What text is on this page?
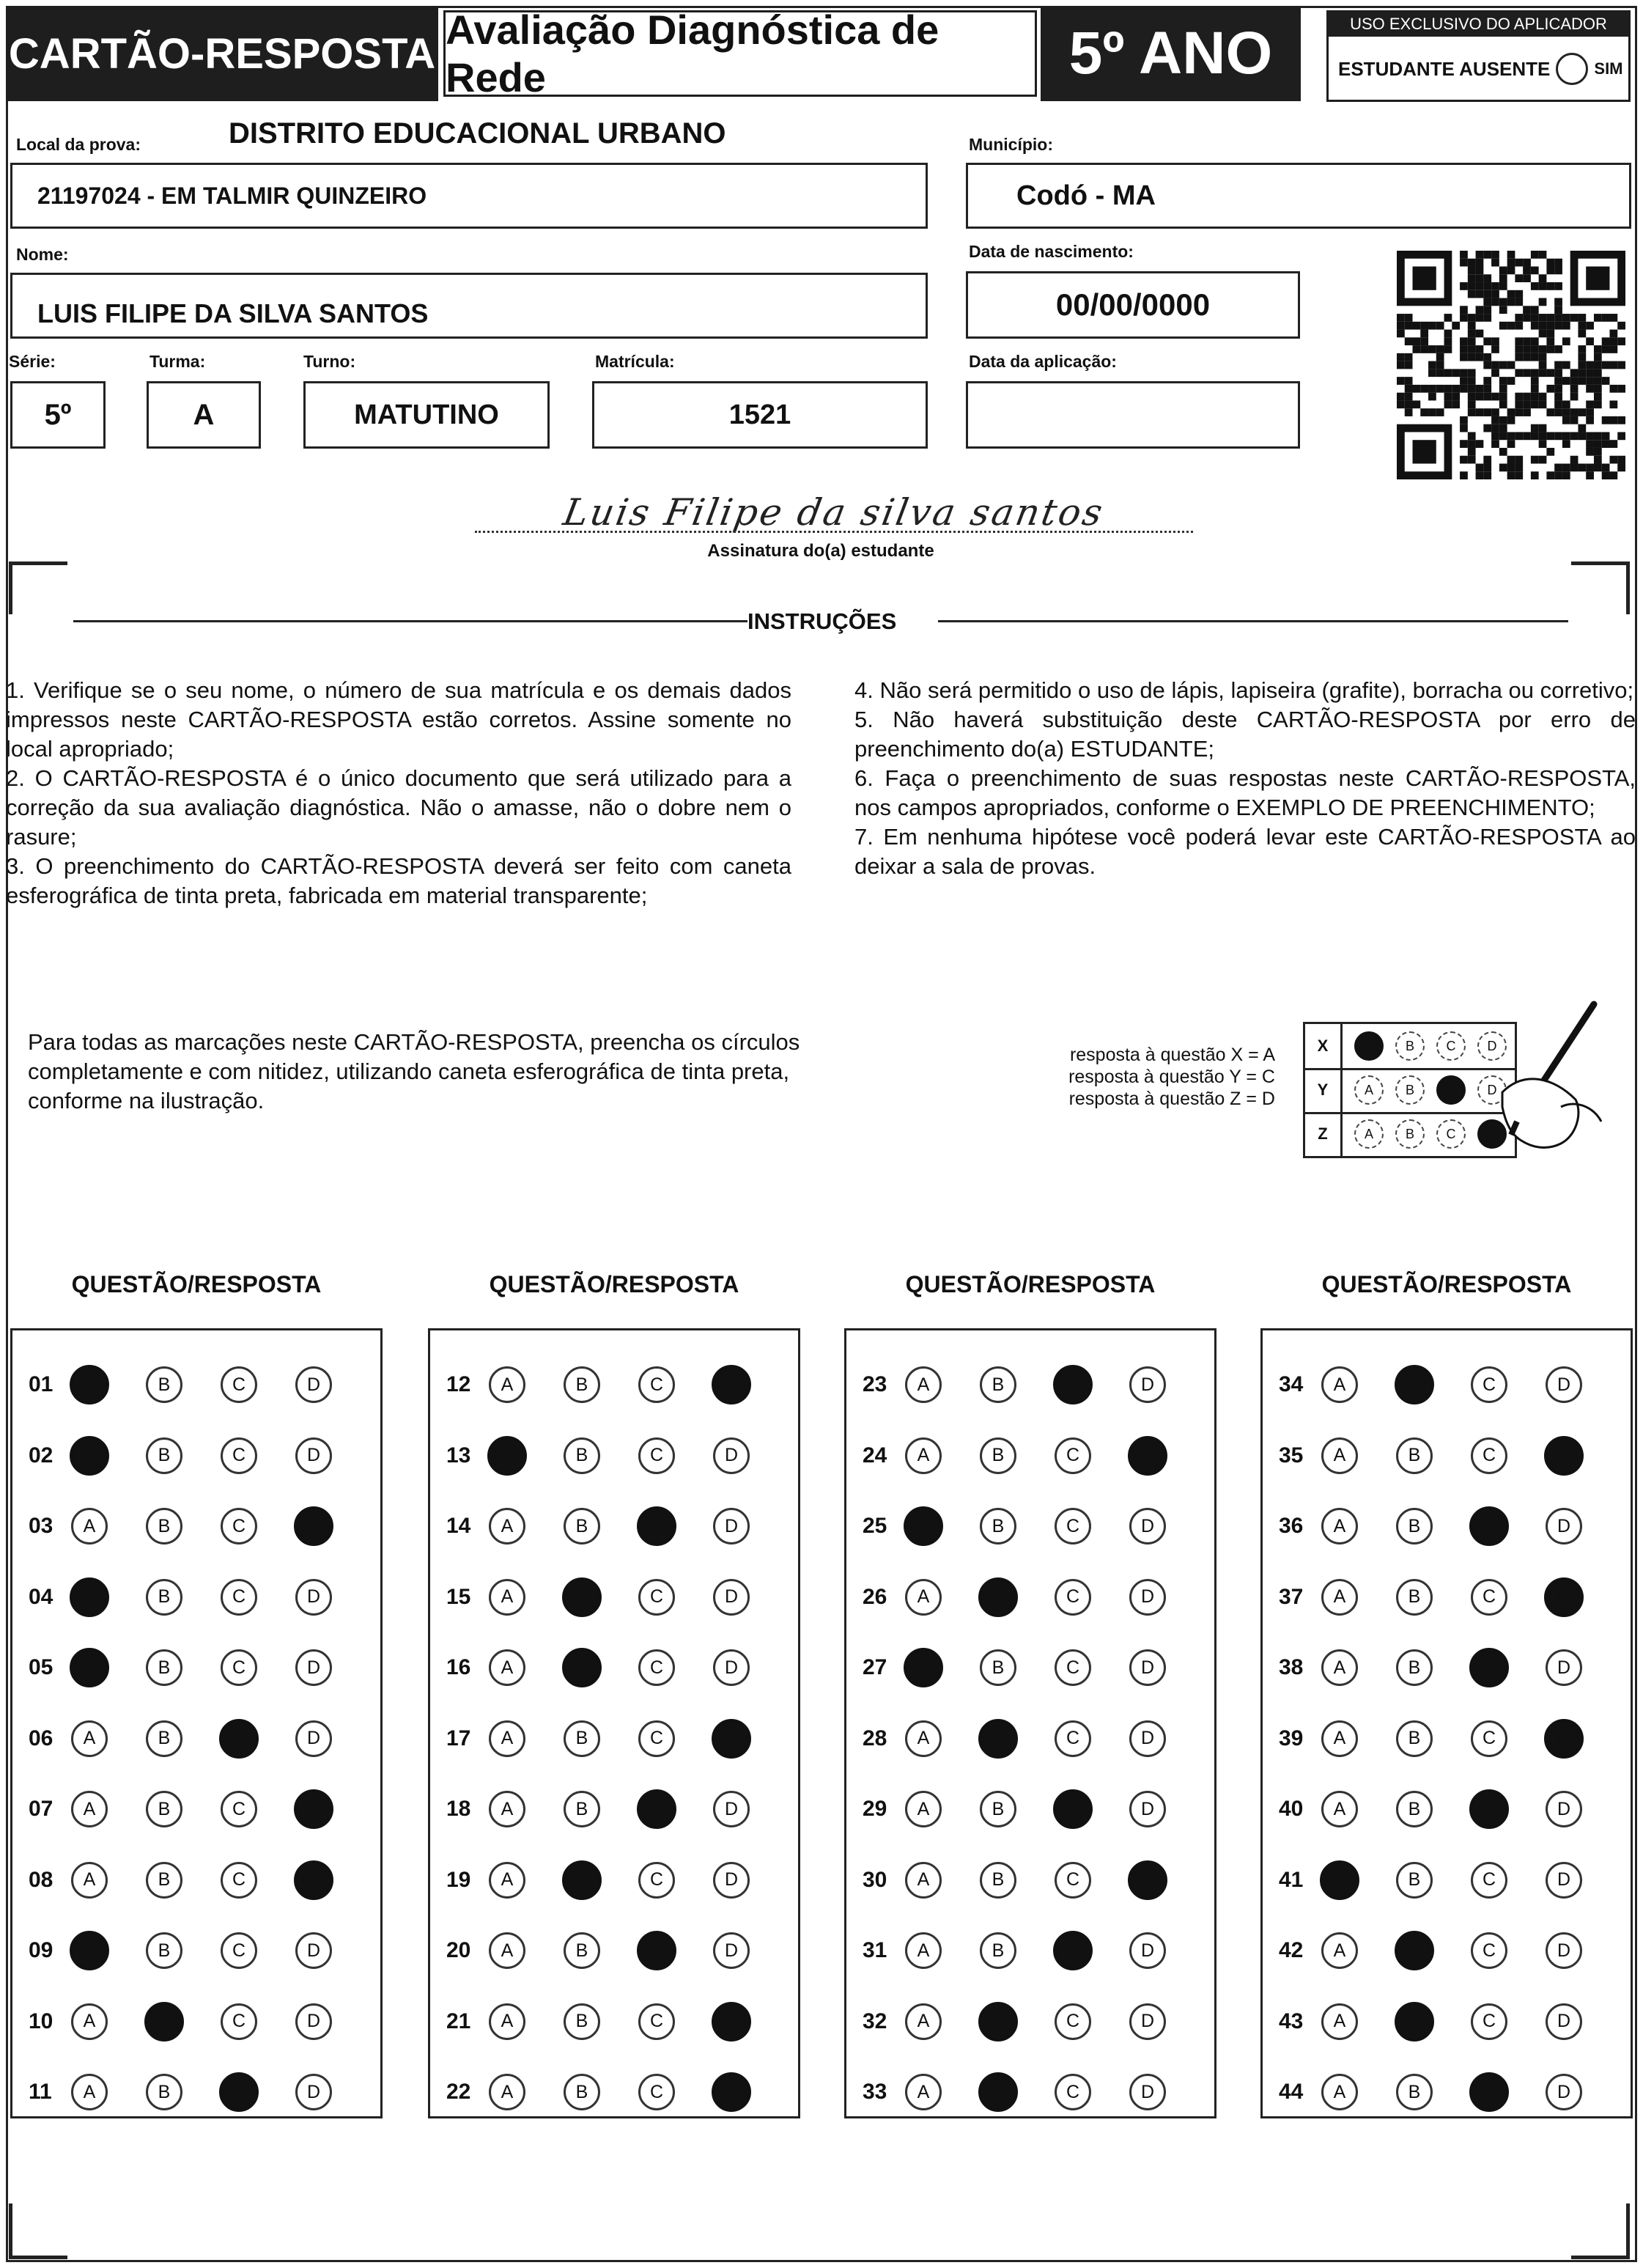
CARTÃO-RESPOSTA Avaliação Diagnóstica de Rede	5º ANO	USO EXCLUSIVO DO APLICADOR
ESTUDANTE AUSENTE	SIM
Local da prova:	DISTRITO EDUCACIONAL URBANO
21197024 - EM TALMIR QUINZEIRO
Município:
Codó - MA
Nome:
LUIS FILIPE DA SILVA SANTOS
Data de nascimento:
00/00/0000
Série:
5º
Turma:
A
Turno:
MATUTINO
Matrícula:
1521
Data da aplicação:
Luis Filipe da silva santos
Assinatura do(a) estudante
INSTRUÇÕES

1. Verifique se o seu nome, o número de sua matrícula e os demais dados impressos neste CARTÃO-RESPOSTA estão corretos. Assine somente no local apropriado;

2. O CARTÃO-RESPOSTA é o único documento que será utilizado para a correção da sua avaliação diagnóstica. Não o amasse, não o dobre nem o rasure;

3. O preenchimento do CARTÃO-RESPOSTA deverá ser feito com caneta esferográfica de tinta preta, fabricada em material transparente;

4. Não será permitido o uso de lápis, lapiseira (grafite), borracha ou corretivo;

5. Não haverá substituição deste CARTÃO-RESPOSTA por erro de preenchimento do(a) ESTUDANTE;

6. Faça o preenchimento de suas respostas neste CARTÃO-RESPOSTA, nos campos apropriados, conforme o EXEMPLO DE PREENCHIMENTO;

7. Em nenhuma hipótese você poderá levar este CARTÃO-RESPOSTA ao deixar a sala de provas.

Para todas as marcações neste CARTÃO-RESPOSTA, preencha os círculos completamente e com nitidez, utilizando caneta esferográfica de tinta preta, conforme na ilustração.
resposta à questão X = A
resposta à questão Y = C
resposta à questão Z = D
X	A	B	C	D
Y	A	B	C	D
Z	A	B	C	D
QUESTÃO/RESPOSTA
01	A	B	C	D
02	A	B	C	D
03	A	B	C	D
04	A	B	C	D
05	A	B	C	D
06	A	B	C	D
07	A	B	C	D
08	A	B	C	D
09	A	B	C	D
10	A	B	C	D
11	A	B	C	D
QUESTÃO/RESPOSTA
12	A	B	C	D
13	A	B	C	D
14	A	B	C	D
15	A	B	C	D
16	A	B	C	D
17	A	B	C	D
18	A	B	C	D
19	A	B	C	D
20	A	B	C	D
21	A	B	C	D
22	A	B	C	D
QUESTÃO/RESPOSTA
23	A	B	C	D
24	A	B	C	D
25	A	B	C	D
26	A	B	C	D
27	A	B	C	D
28	A	B	C	D
29	A	B	C	D
30	A	B	C	D
31	A	B	C	D
32	A	B	C	D
33	A	B	C	D
QUESTÃO/RESPOSTA
34	A	B	C	D
35	A	B	C	D
36	A	B	C	D
37	A	B	C	D
38	A	B	C	D
39	A	B	C	D
40	A	B	C	D
41	A	B	C	D
42	A	B	C	D
43	A	B	C	D
44	A	B	C	D
